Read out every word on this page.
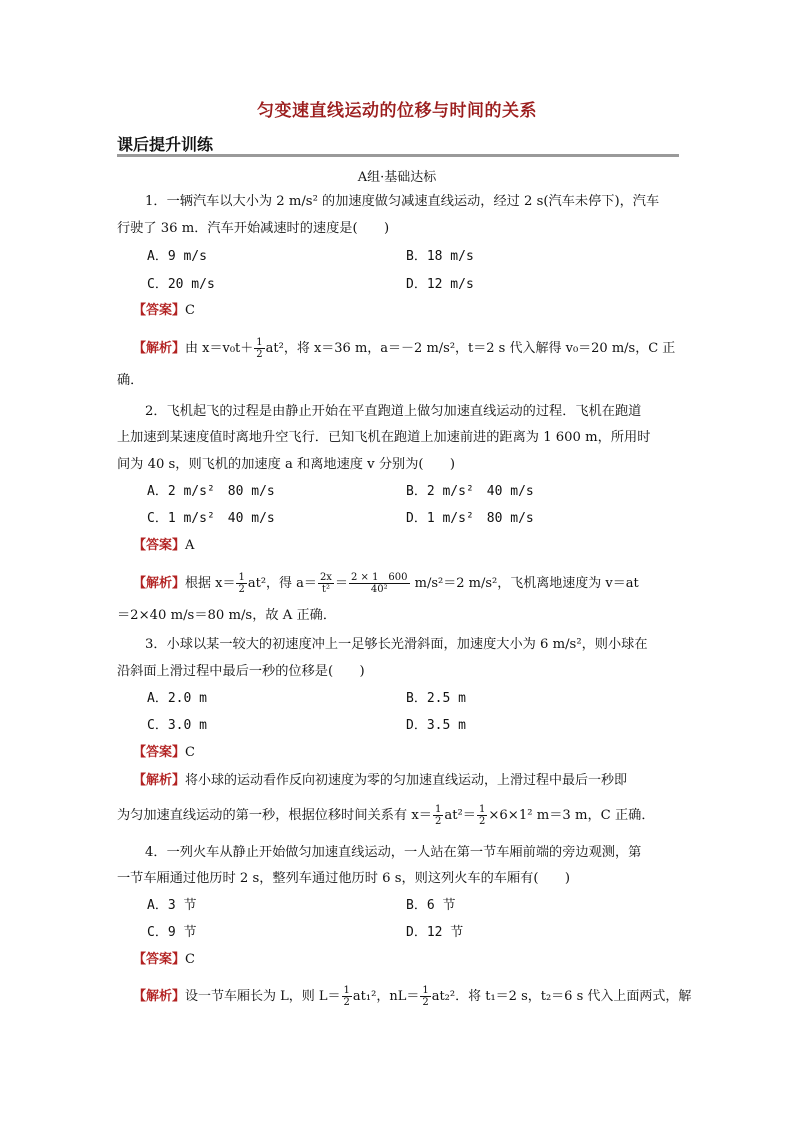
匀变速直线运动的位移与时间的关系
课后提升训练
A组·基础达标
1．一辆汽车以大小为 2 m/s² 的加速度做匀减速直线运动，经过 2 s(汽车未停下)，汽车
行驶了 36 m．汽车开始减速时的速度是(　　)
A．9 m/s	B．18 m/s
C．20 m/s	D．12 m/s
【答案】C
【解析】由 $x=v_0t+ \frac{1}{2} at^2$，将 x＝36 m，a＝－2 m/s²，t＝2 s 代入解得 v₀＝20 m/s，C 正
确．
2．飞机起飞的过程是由静止开始在平直跑道上做匀加速直线运动的过程．飞机在跑道
上加速到某速度值时离地升空飞行．已知飞机在跑道上加速前进的距离为 1 600 m，所用时
间为 40 s，则飞机的加速度 a 和离地速度 v 分别为(　　)
A．2 m/s²　80 m/s	B．2 m/s²　40 m/s
C．1 m/s²　40 m/s	D．1 m/s²　80 m/s
【答案】A
【解析】根据 $x= \frac{1}{2} at^2$，得 $a= \frac{2x}{\text{t²}} = \frac{2 \times 1 600}{\text{40²}} m/s^2=2$ m/s²，飞机离地速度为 v＝at
＝2×40 m/s＝80 m/s，故 A 正确．
3．小球以某一较大的初速度冲上一足够长光滑斜面，加速度大小为 6 m/s²，则小球在
沿斜面上滑过程中最后一秒的位移是(　　)
A．2.0 m	B．2.5 m
C．3.0 m	D．3.5 m
【答案】C
【解析】将小球的运动看作反向初速度为零的匀加速直线运动，上滑过程中最后一秒即
为匀加速直线运动的第一秒，根据位移时间关系有 $x= \frac{1}{2} at^2= \frac{1}{2} \times 6\times 1^2$ m＝3 m，C 正确．
4．一列火车从静止开始做匀加速直线运动，一人站在第一节车厢前端的旁边观测，第
一节车厢通过他历时 2 s，整列车通过他历时 6 s，则这列火车的车厢有(　　)
A．3 节	B．6 节
C．9 节	D．12 节
【答案】C
【解析】设一节车厢长为 L，则 $L= \frac{1}{2} at_1^2$，$nL= \frac{1}{2} at_2^2$．将 t₁＝2 s，t₂＝6 s 代入上面两式，解
